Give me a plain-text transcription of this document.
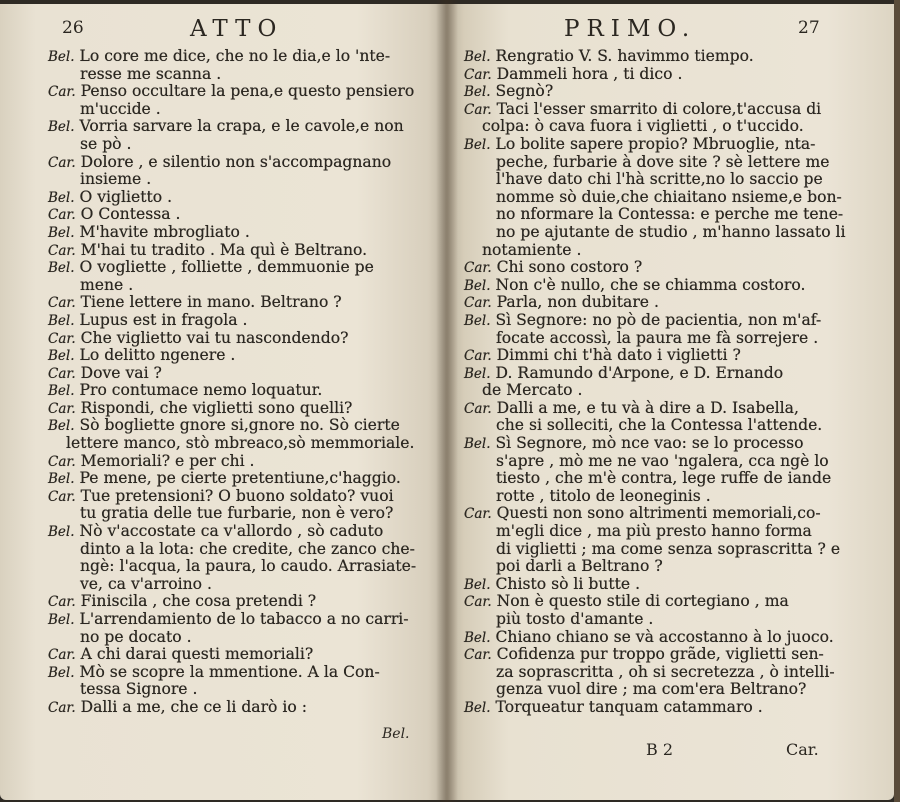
26	ATTO
Bel. Lo core me dice, che no le dia,e lo 'nte-
resse me scanna .
Car. Penso occultare la pena,e questo pensiero
m'uccide .
Bel. Vorria sarvare la crapa, e le cavole,e non
se pò .
Car. Dolore , e silentio non s'accompagnano
insieme .
Bel. O viglietto .
Car. O Contessa .
Bel. M'havite mbrogliato .
Car. M'hai tu tradito . Ma quì è Beltrano.
Bel. O vogliette , folliette , demmuonie pe
mene .
Car. Tiene lettere in mano. Beltrano ?
Bel. Lupus est in fragola .
Car. Che viglietto vai tu nascondendo?
Bel. Lo delitto ngenere .
Car. Dove vai ?
Bel. Pro contumace nemo loquatur.
Car. Rispondi, che viglietti sono quelli?
Bel. Sò bogliette gnore si,gnore no. Sò cierte
lettere manco, stò mbreaco,sò memmoriale.
Car. Memoriali? e per chi .
Bel. Pe mene, pe cierte pretentiune,c'haggio.
Car. Tue pretensioni? O buono soldato? vuoi
tu gratia delle tue furbarie, non è vero?
Bel. Nò v'accostate ca v'allordo , sò caduto
dinto a la lota: che credite, che zanco che-
ngè: l'acqua, la paura, lo caudo. Arrasiate-
ve, ca v'arroino .
Car. Finiscila , che cosa pretendi ?
Bel. L'arrendamiento de lo tabacco a no carri-
no pe docato .
Car. A chi darai questi memoriali?
Bel. Mò se scopre la mmentione. A la Con-
tessa Signore .
Car. Dalli a me, che ce li darò io :
Bel.
PRIMO.	27
Bel. Rengratio V. S. havimmo tiempo.
Car. Dammeli hora , ti dico .
Bel. Segnò?
Car. Taci l'esser smarrito di colore,t'accusa di
colpa: ò cava fuora i viglietti , o t'uccido.
Bel. Lo bolite sapere propio? Mbruoglie, nta-
peche, furbarie à dove site ? sè lettere me
l'have dato chi l'hà scritte,no lo saccio pe
nomme sò duie,che chiaitano nsieme,e bon-
no nformare la Contessa: e perche me tene-
no pe ajutante de studio , m'hanno lassato li
notamiente .
Car. Chi sono costoro ?
Bel. Non c'è nullo, che se chiamma costoro.
Car. Parla, non dubitare .
Bel. Sì Segnore: no pò de pacientia, non m'af-
focate accossì, la paura me fà sorrejere .
Car. Dimmi chi t'hà dato i viglietti ?
Bel. D. Ramundo d'Arpone, e D. Ernando
de Mercato .
Car. Dalli a me, e tu và à dire a D. Isabella,
che si solleciti, che la Contessa l'attende.
Bel. Sì Segnore, mò nce vao: se lo processo
s'apre , mò me ne vao 'ngalera, cca ngè lo
tiesto , che m'è contra, lege ruffe de iande
rotte , titolo de leoneginis .
Car. Questi non sono altrimenti memoriali,co-
m'egli dice , ma più presto hanno forma
di viglietti ; ma come senza soprascritta ? e
poi darli a Beltrano ?
Bel. Chisto sò li butte .
Car. Non è questo stile di cortegiano , ma
più tosto d'amante .
Bel. Chiano chiano se và accostanno à lo juoco.
Car. Cofidenza pur troppo grãde, viglietti sen-
za soprascritta , oh si secretezza , ò intelli-
genza vuol dire ; ma com'era Beltrano?
Bel. Torqueatur tanquam catammaro .
B 2	Car.
